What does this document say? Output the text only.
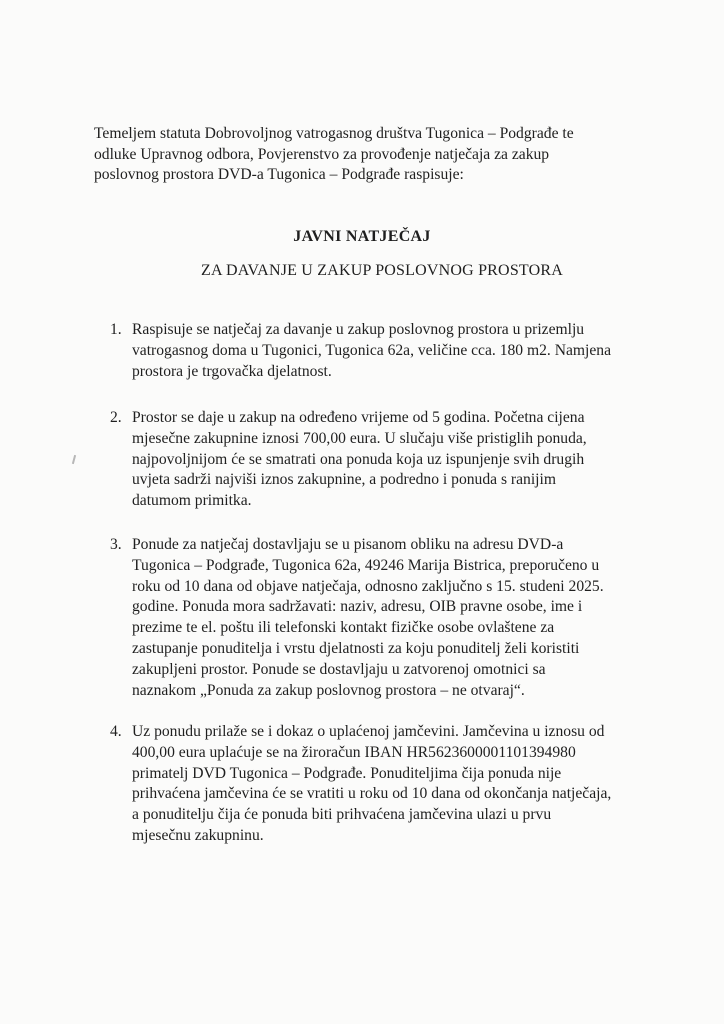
Temeljem statuta Dobrovoljnog vatrogasnog društva Tugonica – Podgrađe te
odluke Upravnog odbora, Povjerenstvo za provođenje natječaja za zakup
poslovnog prostora DVD-a Tugonica – Podgrađe raspisuje:
JAVNI NATJEČAJ
ZA DAVANJE U ZAKUP POSLOVNOG PROSTORA
1. Raspisuje se natječaj za davanje u zakup poslovnog prostora u prizemlju
vatrogasnog doma u Tugonici, Tugonica 62a, veličine cca. 180 m2. Namjena
prostora je trgovačka djelatnost.
2. Prostor se daje u zakup na određeno vrijeme od 5 godina. Početna cijena
mjesečne zakupnine iznosi 700,00 eura. U slučaju više pristiglih ponuda,
najpovoljnijom će se smatrati ona ponuda koja uz ispunjenje svih drugih
uvjeta sadrži najviši iznos zakupnine, a podredno i ponuda s ranijim
datumom primitka.
3. Ponude za natječaj dostavljaju se u pisanom obliku na adresu DVD-a
Tugonica – Podgrađe, Tugonica 62a, 49246 Marija Bistrica, preporučeno u
roku od 10 dana od objave natječaja, odnosno zaključno s 15. studeni 2025.
godine. Ponuda mora sadržavati: naziv, adresu, OIB pravne osobe, ime i
prezime te el. poštu ili telefonski kontakt fizičke osobe ovlaštene za
zastupanje ponuditelja i vrstu djelatnosti za koju ponuditelj želi koristiti
zakupljeni prostor. Ponude se dostavljaju u zatvorenoj omotnici sa
naznakom „Ponuda za zakup poslovnog prostora – ne otvaraj“.
4. Uz ponudu prilaže se i dokaz o uplaćenoj jamčevini. Jamčevina u iznosu od
400,00 eura uplaćuje se na žiroračun IBAN HR5623600001101394980
primatelj DVD Tugonica – Podgrađe. Ponuditeljima čija ponuda nije
prihvaćena jamčevina će se vratiti u roku od 10 dana od okončanja natječaja,
a ponuditelju čija će ponuda biti prihvaćena jamčevina ulazi u prvu
mjesečnu zakupninu.
